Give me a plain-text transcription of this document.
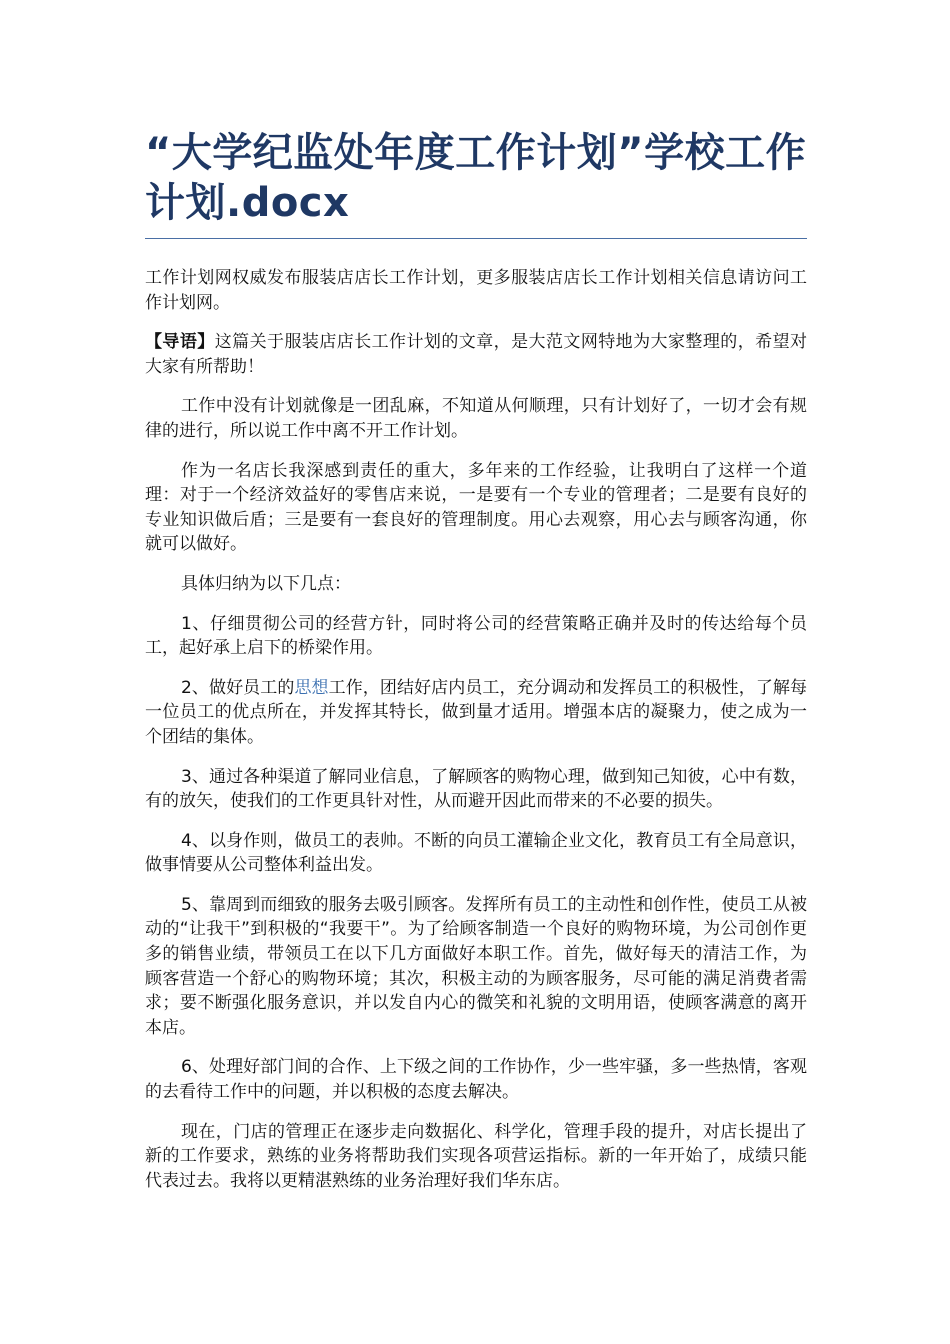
“大学纪监处年度工作计划”学校工作计划.docx

工作计划网权威发布服装店店长工作计划，更多服装店店长工作计划相关信息请访问工作计划网。

【导语】这篇关于服装店店长工作计划的文章，是大范文网特地为大家整理的，希望对大家有所帮助！

工作中没有计划就像是一团乱麻，不知道从何顺理，只有计划好了，一切才会有规律的进行，所以说工作中离不开工作计划。

作为一名店长我深感到责任的重大，多年来的工作经验，让我明白了这样一个道理：对于一个经济效益好的零售店来说，一是要有一个专业的管理者；二是要有良好的专业知识做后盾；三是要有一套良好的管理制度。用心去观察，用心去与顾客沟通，你就可以做好。

具体归纳为以下几点：

1、仔细贯彻公司的经营方针，同时将公司的经营策略正确并及时的传达给每个员工，起好承上启下的桥梁作用。

2、做好员工的思想工作，团结好店内员工，充分调动和发挥员工的积极性，了解每一位员工的优点所在，并发挥其特长，做到量才适用。增强本店的凝聚力，使之成为一个团结的集体。

3、通过各种渠道了解同业信息，了解顾客的购物心理，做到知己知彼，心中有数，有的放矢，使我们的工作更具针对性，从而避开因此而带来的不必要的损失。

4、以身作则，做员工的表帅。不断的向员工灌输企业文化，教育员工有全局意识，做事情要从公司整体利益出发。

5、靠周到而细致的服务去吸引顾客。发挥所有员工的主动性和创作性，使员工从被动的“让我干”到积极的“我要干”。为了给顾客制造一个良好的购物环境，为公司创作更多的销售业绩，带领员工在以下几方面做好本职工作。首先，做好每天的清洁工作，为顾客营造一个舒心的购物环境；其次，积极主动的为顾客服务，尽可能的满足消费者需求；要不断强化服务意识，并以发自内心的微笑和礼貌的文明用语，使顾客满意的离开本店。

6、处理好部门间的合作、上下级之间的工作协作，少一些牢骚，多一些热情，客观的去看待工作中的问题，并以积极的态度去解决。

现在，门店的管理正在逐步走向数据化、科学化，管理手段的提升，对店长提出了新的工作要求，熟练的业务将帮助我们实现各项营运指标。新的一年开始了，成绩只能代表过去。我将以更精湛熟练的业务治理好我们华东店。
